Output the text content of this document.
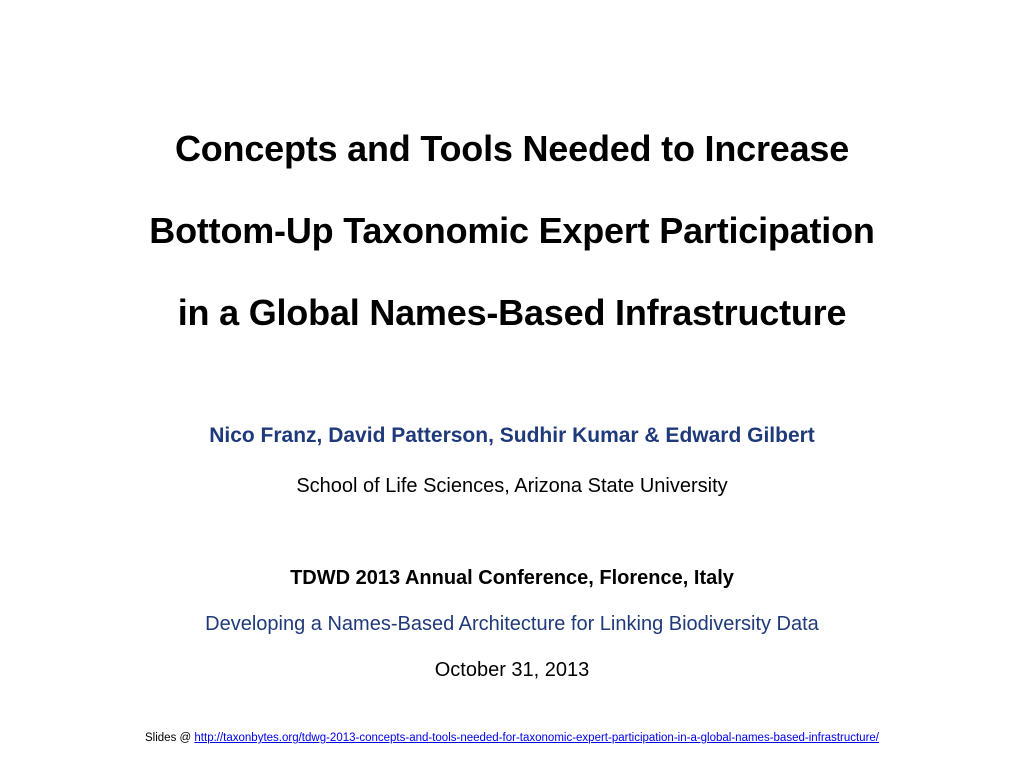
Concepts and Tools Needed to Increase
Bottom-Up Taxonomic Expert Participation
in a Global Names-Based Infrastructure
Nico Franz, David Patterson, Sudhir Kumar & Edward Gilbert
School of Life Sciences, Arizona State University
TDWD 2013 Annual Conference, Florence, Italy
Developing a Names-Based Architecture for Linking Biodiversity Data
October 31, 2013
Slides @ http://taxonbytes.org/tdwg-2013-concepts-and-tools-needed-for-taxonomic-expert-participation-in-a-global-names-based-infrastructure/
